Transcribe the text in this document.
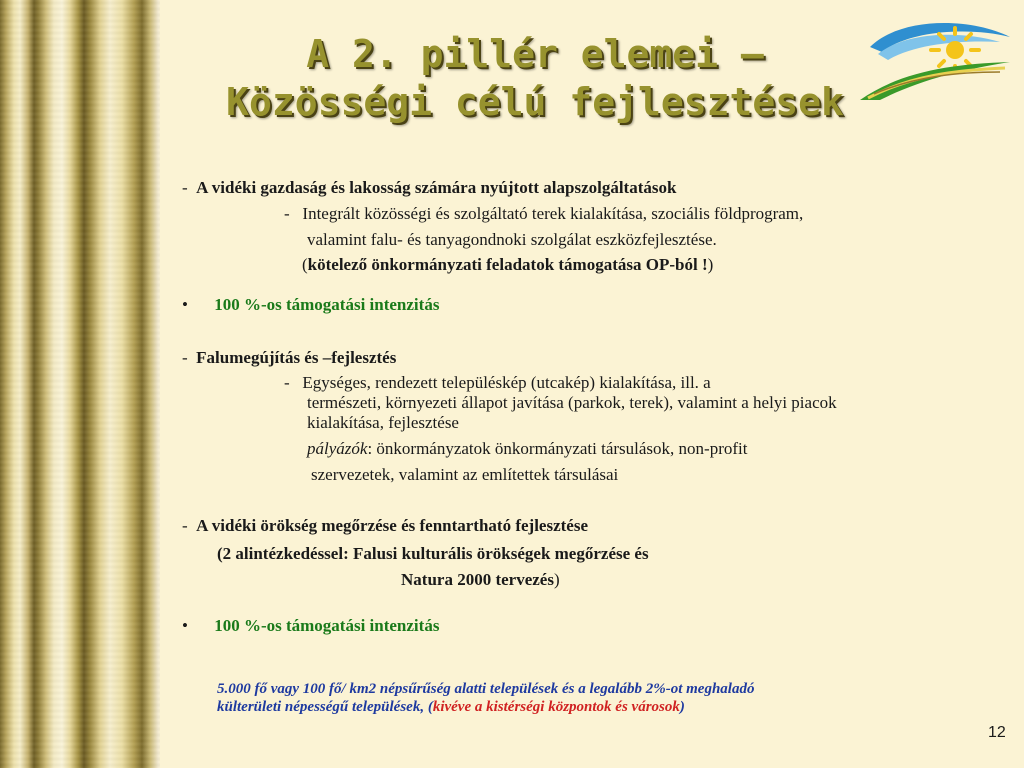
A 2. pillér elemei –
Közösségi célú fejlesztések
- A vidéki gazdaság és lakosság számára nyújtott alapszolgáltatások
- Integrált közösségi és szolgáltató terek kialakítása, szociális földprogram,
valamint falu- és tanyagondnoki szolgálat eszközfejlesztése.
(kötelező önkormányzati feladatok támogatása OP-ból !)
• 100 %-os támogatási intenzitás
- Falumegújítás és –fejlesztés
- Egységes, rendezett településkép (utcakép) kialakítása, ill. a
természeti, környezeti állapot javítása (parkok, terek), valamint a helyi piacok
kialakítása, fejlesztése
pályázók: önkormányzatok önkormányzati társulások, non-profit
szervezetek, valamint az említettek társulásai
- A vidéki örökség megőrzése és fenntartható fejlesztése
(2 alintézkedéssel: Falusi kulturális örökségek megőrzése és
Natura 2000 tervezés)
• 100 %-os támogatási intenzitás
5.000 fő vagy 100 fő/ km2 népsűrűség alatti települések és a legalább 2%-ot meghaladó
külterületi népességű települések, (kivéve a kistérségi központok és városok)
12
